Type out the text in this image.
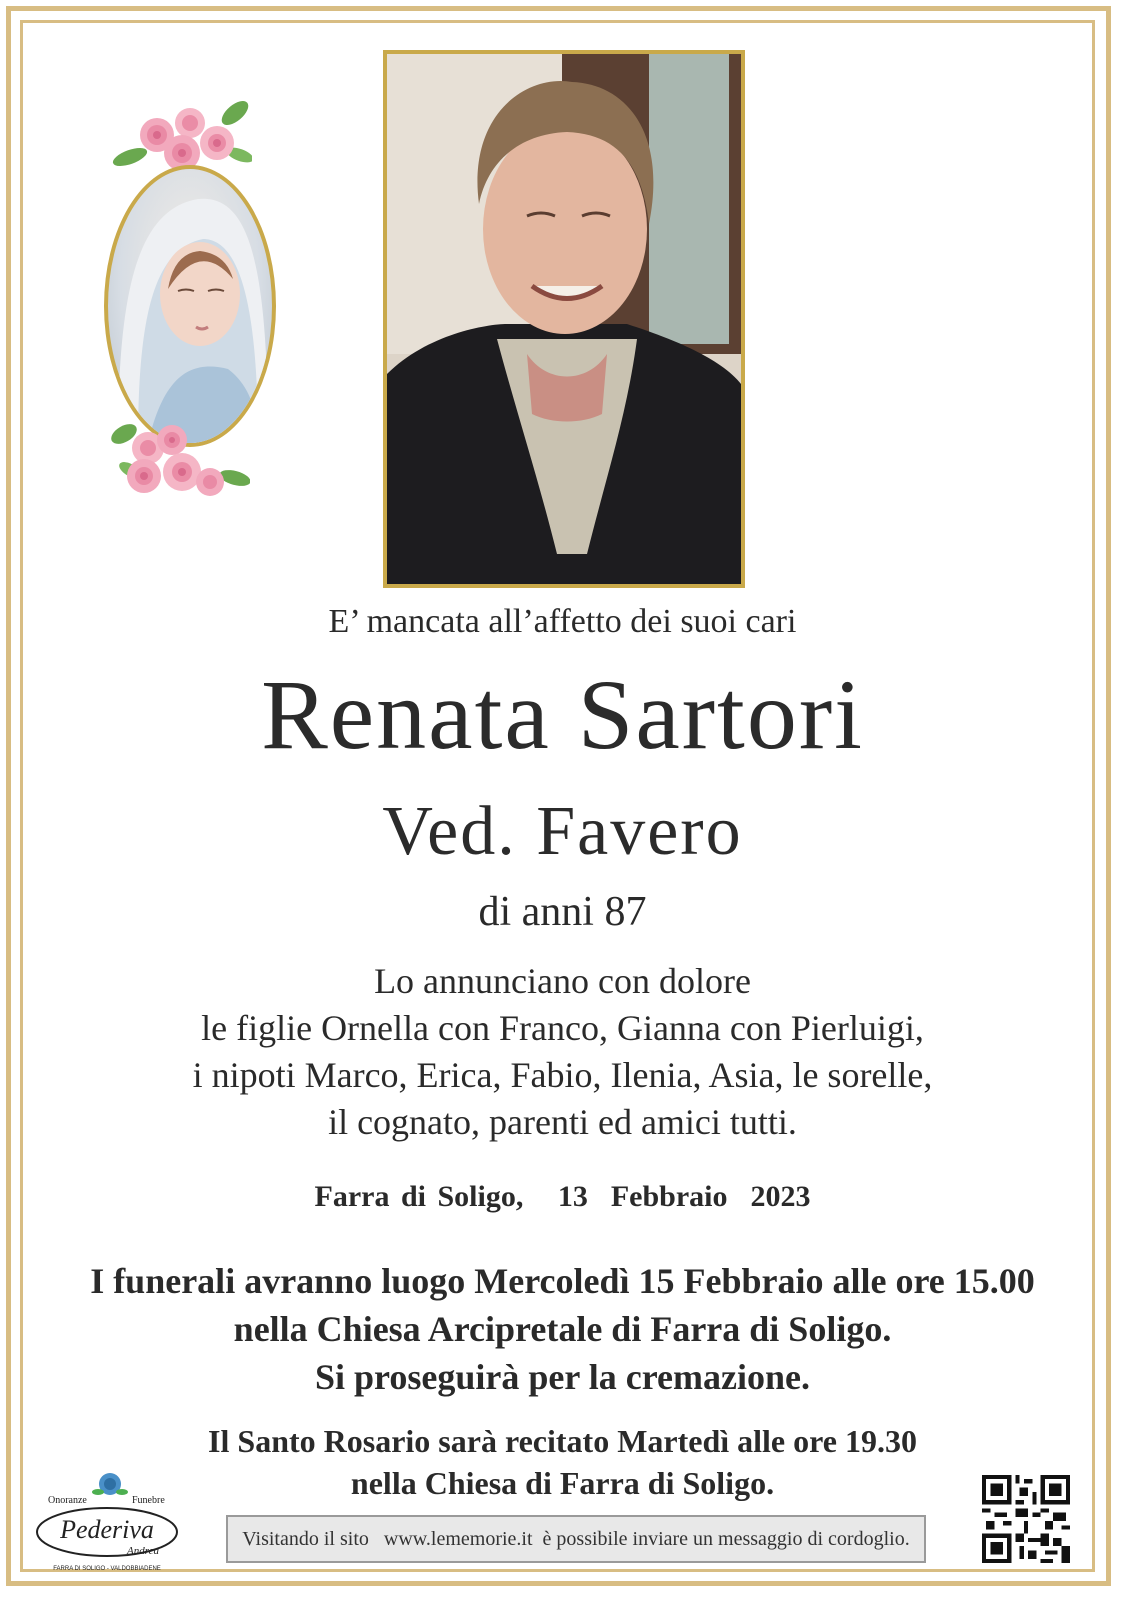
E’ mancata all’affetto dei suoi cari
Renata Sartori
Ved. Favero
di anni 87
Lo annunciano con dolore
le figlie Ornella con Franco, Gianna con Pierluigi,
i nipoti Marco, Erica, Fabio, Ilenia, Asia, le sorelle,
il cognato, parenti ed amici tutti.
Farra di Soligo,   13  Febbraio  2023
I funerali avranno luogo Mercoledì 15 Febbraio alle ore 15.00
nella Chiesa Arcipretale di Farra di Soligo.
Si proseguirà per la cremazione.
Il Santo Rosario sarà recitato Martedì alle ore 19.30
nella Chiesa di Farra di Soligo.
Onoranze	Funebre
Pederiva
Andrea
FARRA DI SOLIGO - VALDOBBIADENE
Visitando il sito   www.lememorie.it  è possibile inviare un messaggio di cordoglio.
